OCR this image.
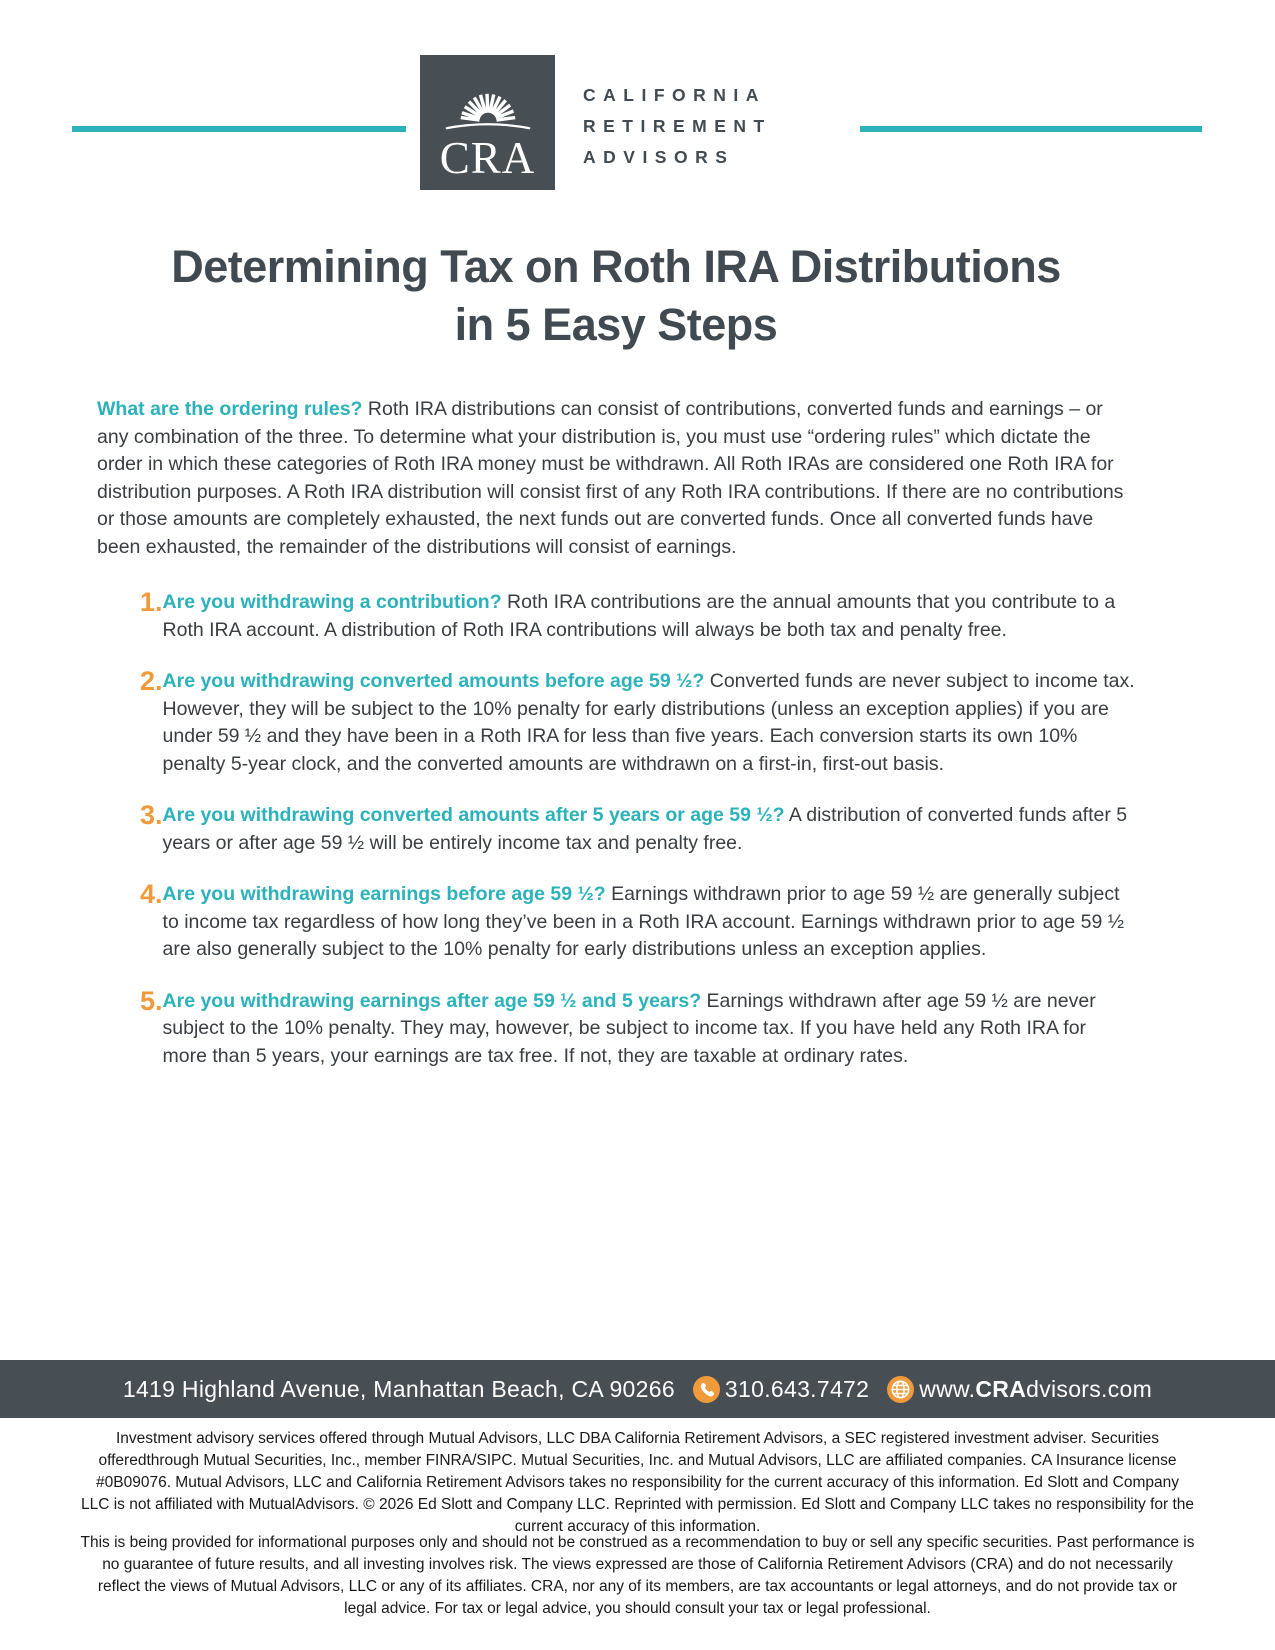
CRA
CALIFORNIA
RETIREMENT
ADVISORS
Determining Tax on Roth IRA Distributions
in 5 Easy Steps

What are the ordering rules? Roth IRA distributions can consist of contributions, converted funds and earnings – or any combination of the three. To determine what your distribution is, you must use “ordering rules” which dictate the order in which these categories of Roth IRA money must be withdrawn. All Roth IRAs are considered one Roth IRA for distribution purposes. A Roth IRA distribution will consist first of any Roth IRA contributions. If there are no contributions or those amounts are completely exhausted, the next funds out are converted funds. Once all converted funds have been exhausted, the remainder of the distributions will consist of earnings.

1. Are you withdrawing a contribution? Roth IRA contributions are the annual amounts that you contribute to a Roth IRA account. A distribution of Roth IRA contributions will always be both tax and penalty free.

2. Are you withdrawing converted amounts before age 59 ½? Converted funds are never subject to income tax. However, they will be subject to the 10% penalty for early distributions (unless an exception applies) if you are under 59 ½ and they have been in a Roth IRA for less than five years. Each conversion starts its own 10% penalty 5-year clock, and the converted amounts are withdrawn on a first-in, first-out basis.

3. Are you withdrawing converted amounts after 5 years or age 59 ½? A distribution of converted funds after 5 years or after age 59 ½ will be entirely income tax and penalty free.

4. Are you withdrawing earnings before age 59 ½? Earnings withdrawn prior to age 59 ½ are generally subject to income tax regardless of how long they’ve been in a Roth IRA account. Earnings withdrawn prior to age 59 ½ are also generally subject to the 10% penalty for early distributions unless an exception applies.

5. Are you withdrawing earnings after age 59 ½ and 5 years? Earnings withdrawn after age 59 ½ are never subject to the 10% penalty. They may, however, be subject to income tax. If you have held any Roth IRA for more than 5 years, your earnings are tax free. If not, they are taxable at ordinary rates.

1419 Highland Avenue, Manhattan Beach, CA 90266 310.643.7472 www.CRAdvisors.com

Investment advisory services offered through Mutual Advisors, LLC DBA California Retirement Advisors, a SEC registered investment adviser. Securities offeredthrough Mutual Securities, Inc., member FINRA/SIPC. Mutual Securities, Inc. and Mutual Advisors, LLC are affiliated companies. CA Insurance license #0B09076. Mutual Advisors, LLC and California Retirement Advisors takes no responsibility for the current accuracy of this information. Ed Slott and Company LLC is not affiliated with MutualAdvisors. © 2026 Ed Slott and Company LLC. Reprinted with permission. Ed Slott and Company LLC takes no responsibility for the current accuracy of this information.

This is being provided for informational purposes only and should not be construed as a recommendation to buy or sell any specific securities. Past performance is no guarantee of future results, and all investing involves risk. The views expressed are those of California Retirement Advisors (CRA) and do not necessarily reflect the views of Mutual Advisors, LLC or any of its affiliates. CRA, nor any of its members, are tax accountants or legal attorneys, and do not provide tax or legal advice. For tax or legal advice, you should consult your tax or legal professional.
